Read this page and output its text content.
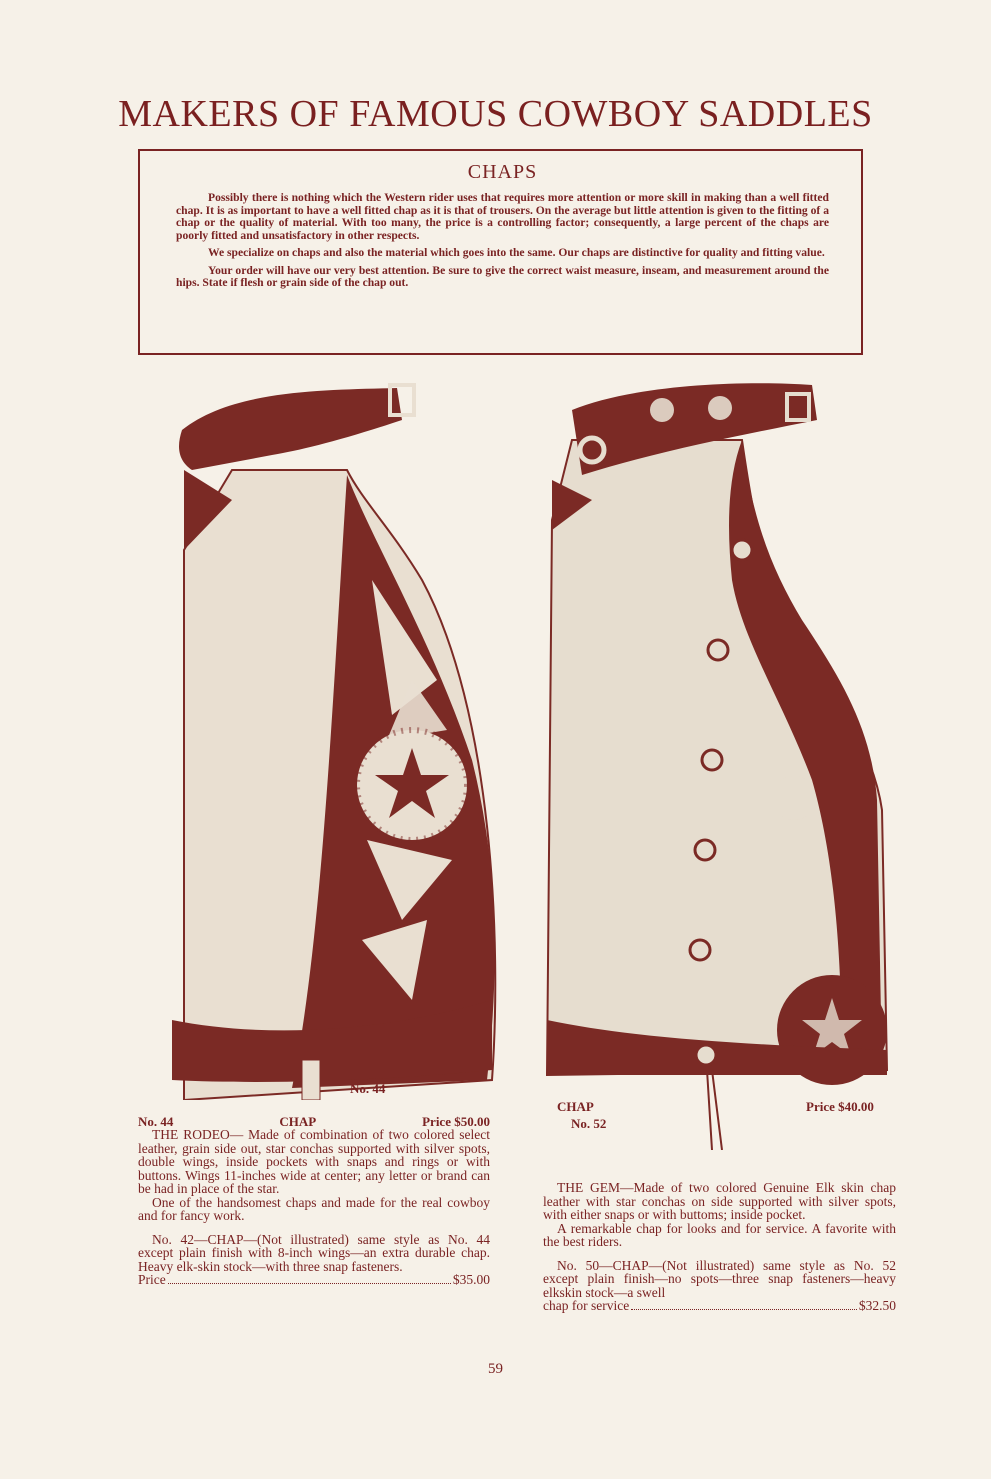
MAKERS OF FAMOUS COWBOY SADDLES
CHAPS

Possibly there is nothing which the Western rider uses that requires more attention or more skill in making than a well fitted chap. It is as important to have a well fitted chap as it is that of trousers. On the average but little attention is given to the fitting of a chap or the quality of material. With too many, the price is a controlling factor; consequently, a large percent of the chaps are poorly fitted and unsatisfactory in other respects.

We specialize on chaps and also the material which goes into the same. Our chaps are distinctive for quality and fitting value.

Your order will have our very best attention. Be sure to give the correct waist measure, inseam, and measurement around the hips. State if flesh or grain side of the chap out.

No. 44
No. 44	CHAP	Price $50.00

THE RODEO— Made of combination of two colored select leather, grain side out, star conchas supported with silver spots, double wings, inside pockets with snaps and rings or with buttons. Wings 11-inches wide at center; any letter or brand can be had in place of the star.

One of the handsomest chaps and made for the real cowboy and for fancy work.

No. 42—CHAP—(Not illustrated) same style as No. 44 except plain finish with 8-inch wings—an extra durable chap. Heavy elk-skin stock—with three snap fasteners.

Price	$35.00
CHAP
No. 52
Price $40.00

THE GEM—Made of two colored Genuine Elk skin chap leather with star conchas on side supported with silver spots, with either snaps or with buttoms; inside pocket.

A remarkable chap for looks and for service. A favorite with the best riders.

No. 50—CHAP—(Not illustrated) same style as No. 52 except plain finish—no spots—three snap fasteners—heavy elkskin stock—a swell

chap for service	$32.50
59
